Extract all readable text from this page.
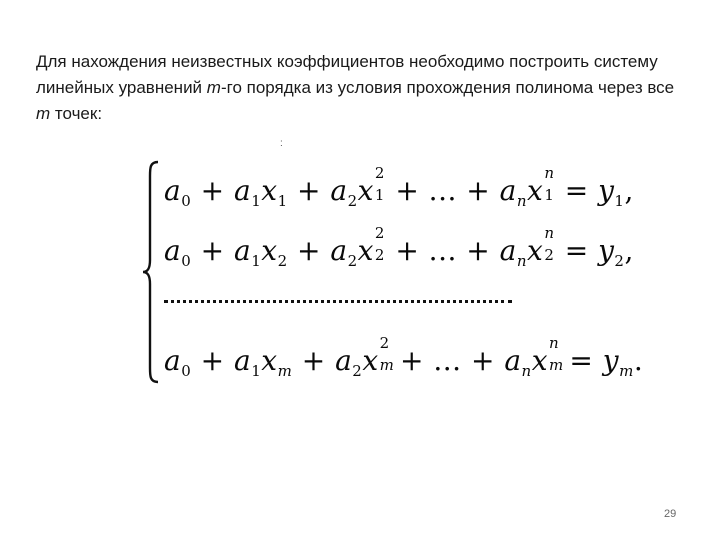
Для нахождения неизвестных коэффициентов необходимо построить систему линейных уравнений m-го порядка из условия прохождения полинома через все m точек:

:
$a_0 + a_1x_1 + a_2x$
2
1 + ... + $a_nx$
n
$1 = y_1$,
$a_0 + a_1x_2 + a_2x$
2
2 + ... + $a_nx$
n
$2 = y_2$,
$a_0 + a_1x_m + a_2x$
2
m
+ ... + $a_nx$
n
m
= $y_m$.
29
